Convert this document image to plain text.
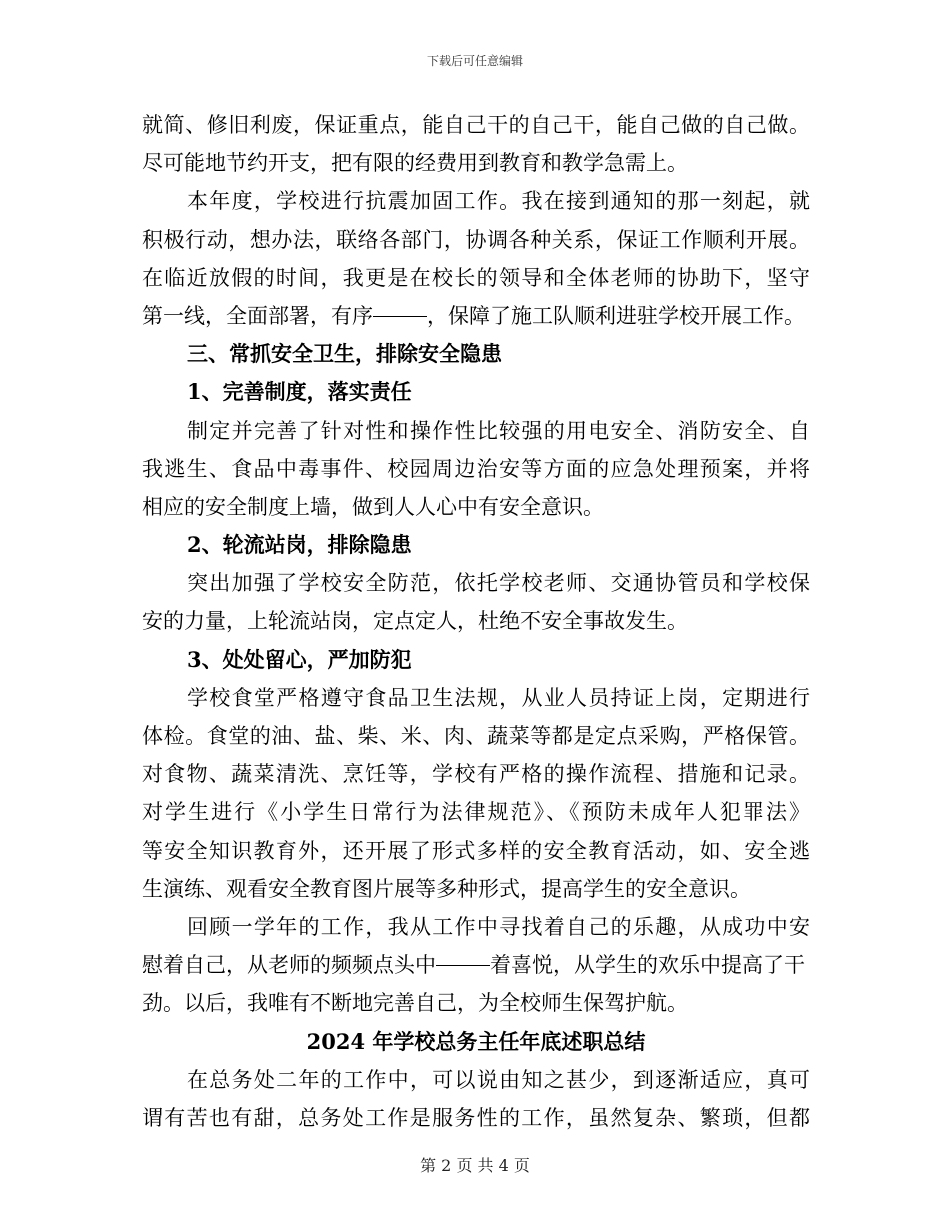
下载后可任意编辑
就简、修旧利废，保证重点，能自己干的自己干，能自己做的自己做。
尽可能地节约开支，把有限的经费用到教育和教学急需上。
本年度，学校进行抗震加固工作。我在接到通知的那一刻起，就
积极行动，想办法，联络各部门，协调各种关系，保证工作顺利开展。
在临近放假的时间，我更是在校长的领导和全体老师的协助下，坚守
第一线，全面部署，有序	，保障了施工队顺利进驻学校开展工作。
三、常抓安全卫生，排除安全隐患
1、完善制度，落实责任
制定并完善了针对性和操作性比较强的用电安全、消防安全、自
我逃生、食品中毒事件、校园周边治安等方面的应急处理预案，并将
相应的安全制度上墙，做到人人心中有安全意识。
2、轮流站岗，排除隐患
突出加强了学校安全防范，依托学校老师、交通协管员和学校保
安的力量，上轮流站岗，定点定人，杜绝不安全事故发生。
3、处处留心，严加防犯
学校食堂严格遵守食品卫生法规，从业人员持证上岗，定期进行
体检。食堂的油、盐、柴、米、肉、蔬菜等都是定点采购，严格保管。
对食物、蔬菜清洗、烹饪等，学校有严格的操作流程、措施和记录。
对学生进行《小学生日常行为法律规范》、《预防未成年人犯罪法》
等安全知识教育外，还开展了形式多样的安全教育活动，如、安全逃
生演练、观看安全教育图片展等多种形式，提高学生的安全意识。
回顾一学年的工作，我从工作中寻找着自己的乐趣，从成功中安
慰着自己，从老师的频频点头中	着喜悦，从学生的欢乐中提高了干
劲。以后，我唯有不断地完善自己，为全校师生保驾护航。
2024 年学校总务主任年底述职总结
在总务处二年的工作中，可以说由知之甚少，到逐渐适应，真可
谓有苦也有甜，总务处工作是服务性的工作，虽然复杂、繁琐，但都
第 2 页 共 4 页
